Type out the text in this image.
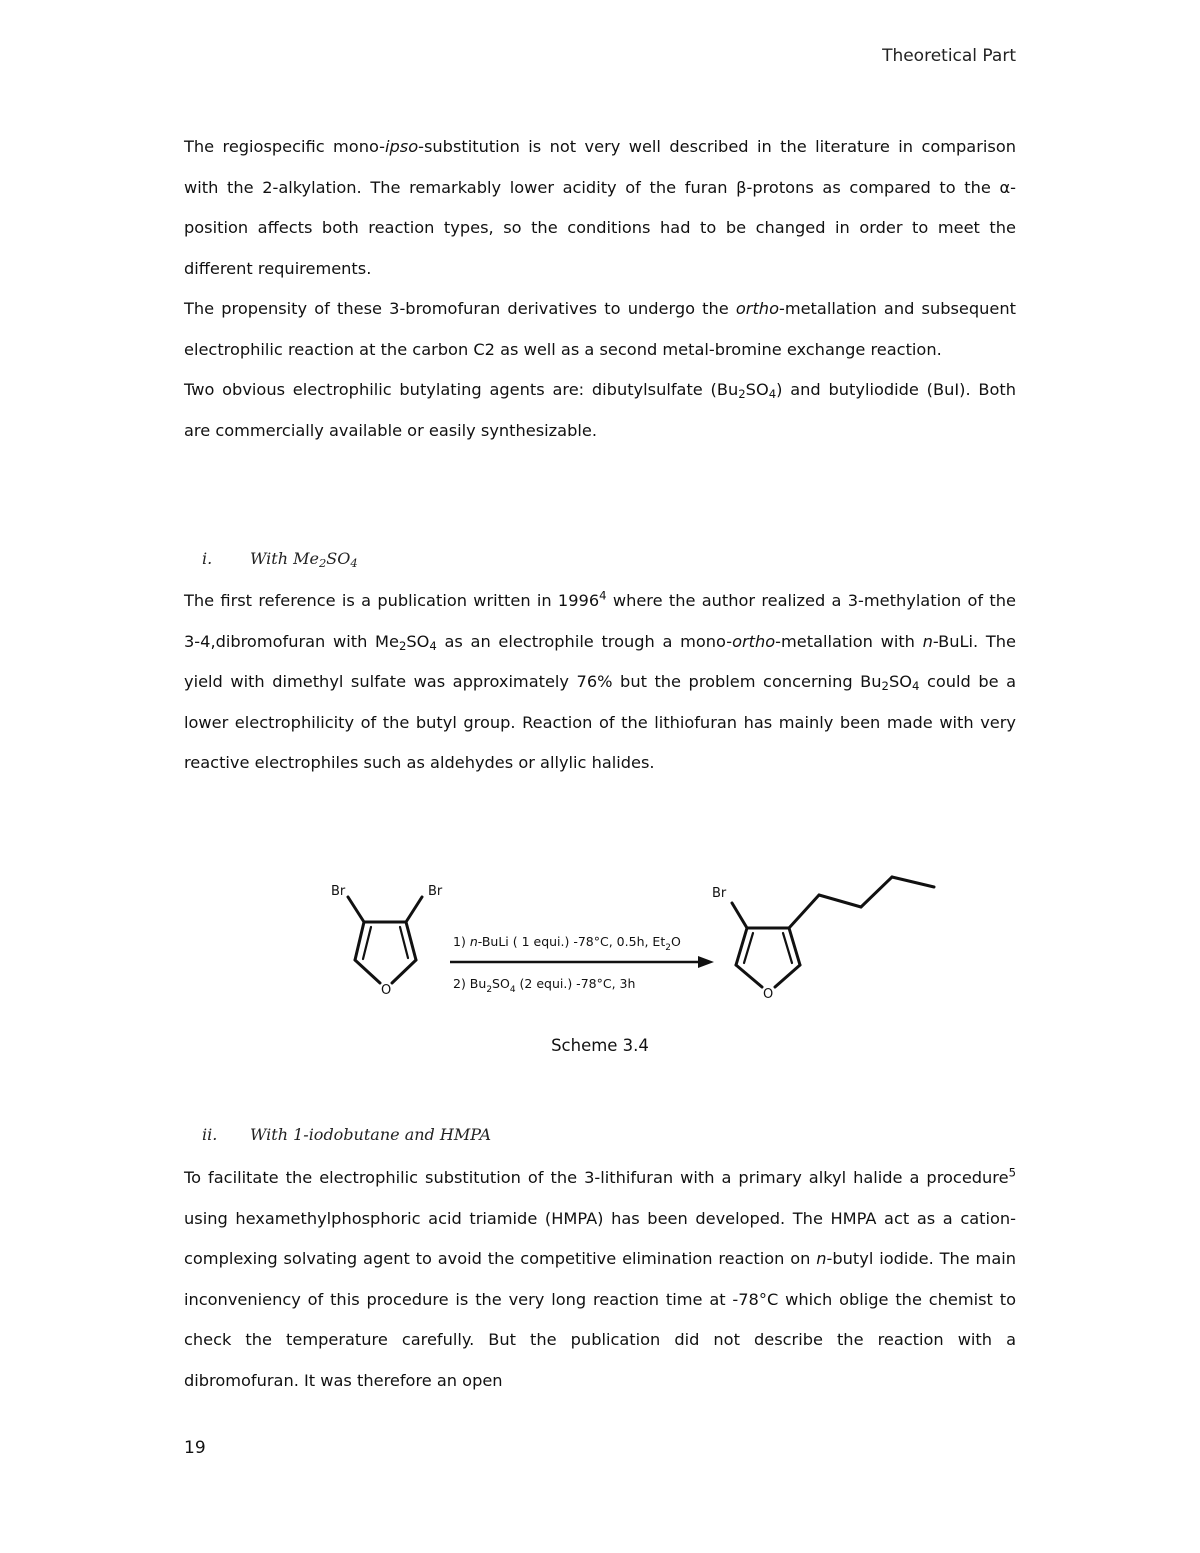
Theoretical Part

The regiospecific mono-ipso-substitution is not very well described in the literature in comparison with the 2-alkylation. The remarkably lower acidity of the furan β-protons as compared to the α-position affects both reaction types, so the conditions had to be changed in order to meet the different requirements.

The propensity of these 3-bromofuran derivatives to undergo the ortho-metallation and subsequent electrophilic reaction at the carbon C2 as well as a second metal-bromine exchange reaction.

Two obvious electrophilic butylating agents are: dibutylsulfate $(Bu_2SO_4)$ and butyliodide (BuI). Both are commercially available or easily synthesizable.

i. With $Me_2SO_4$

The first reference is a publication written in 1996$^4$ where the author realized a 3-methylation of the 3-4,dibromofuran with $Me_2SO_4$ as an electrophile trough a mono-ortho-metallation with n-BuLi. The yield with dimethyl sulfate was approximately 76% but the problem concerning $Bu_2SO_4$ could be a lower electrophilicity of the butyl group. Reaction of the lithiofuran has mainly been made with very reactive electrophiles such as aldehydes or allylic halides.

Br	Br
O
1) n-BuLi ( 1 equi.) -78°C, 0.5h, $Et_2O$
2) $Bu_2SO_4$ (2 equi.) -78°C, 3h
Br
O
Scheme 3.4
ii. With 1-iodobutane and HMPA

To facilitate the electrophilic substitution of the 3-lithifuran with a primary alkyl halide a procedure$^5$ using hexamethylphosphoric acid triamide (HMPA) has been developed. The HMPA act as a cation-complexing solvating agent to avoid the competitive elimination reaction on n-butyl iodide. The main inconveniency of this procedure is the very long reaction time at -78°C which oblige the chemist to check the temperature carefully. But the publication did not describe the reaction with a dibromofuran. It was therefore an open

19
